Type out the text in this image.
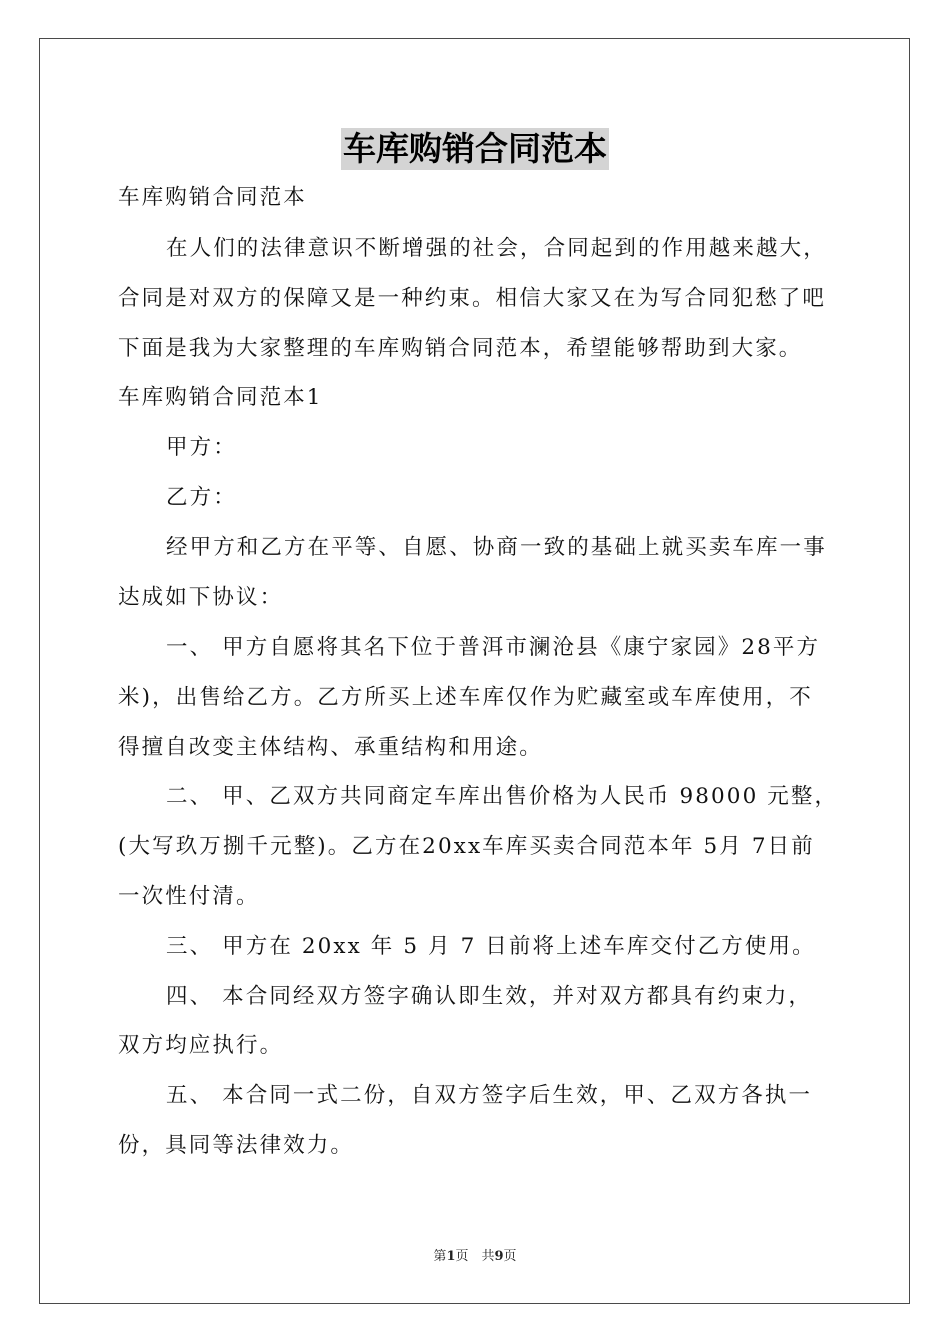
车库购销合同范本
车库购销合同范本
在人们的法律意识不断增强的社会，合同起到的作用越来越大，
合同是对双方的保障又是一种约束。相信大家又在为写合同犯愁了吧
下面是我为大家整理的车库购销合同范本，希望能够帮助到大家。
车库购销合同范本1
甲方：
乙方：
经甲方和乙方在平等、自愿、协商一致的基础上就买卖车库一事
达成如下协议：
一、 甲方自愿将其名下位于普洱市澜沧县《康宁家园》28平方
米)，出售给乙方。乙方所买上述车库仅作为贮藏室或车库使用，不
得擅自改变主体结构、承重结构和用途。
二、 甲、乙双方共同商定车库出售价格为人民币 98000 元整，
(大写玖万捌千元整)。乙方在20xx车库买卖合同范本年 5月 7日前
一次性付清。
三、 甲方在 20xx 年 5 月 7 日前将上述车库交付乙方使用。
四、 本合同经双方签字确认即生效，并对双方都具有约束力，
双方均应执行。
五、 本合同一式二份，自双方签字后生效，甲、乙双方各执一
份，具同等法律效力。
第1页　共9页
